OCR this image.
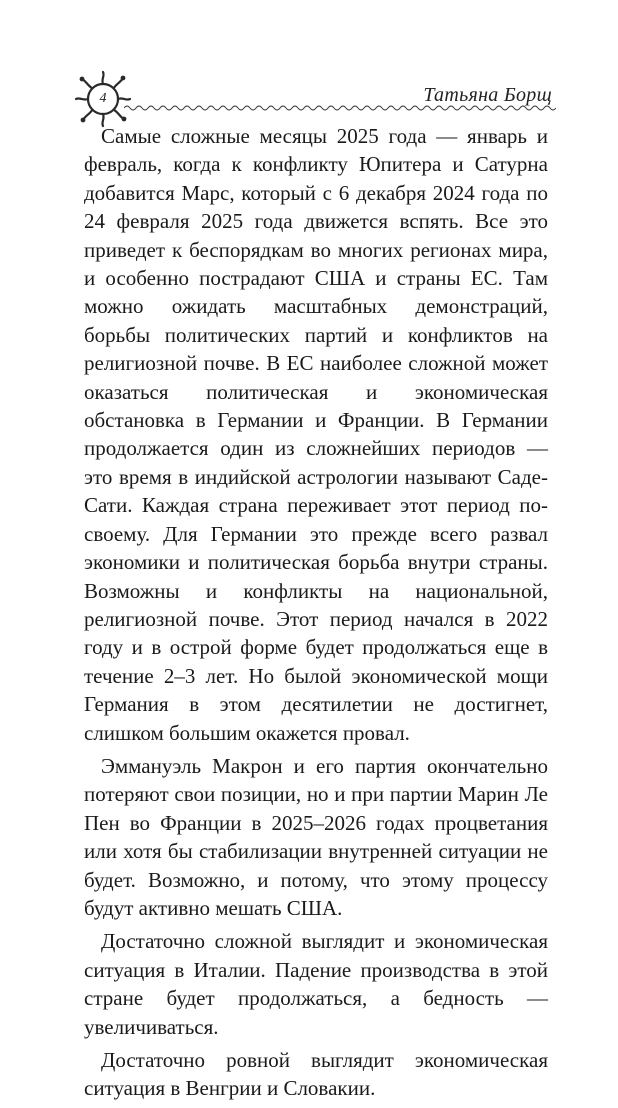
4	Татьяна Борщ

Самые сложные месяцы 2025 года — январь и февраль, когда к конфликту Юпитера и Сатурна добавится Марс, который с 6 декабря 2024 года по 24 февраля 2025 года движется вспять. Все это приведет к беспорядкам во многих регионах мира, и особенно пострадают США и страны ЕС. Там можно ожидать масштабных демонстраций, борьбы политических партий и конфликтов на религиозной почве. В ЕС наиболее сложной может оказаться политическая и экономическая обстановка в Германии и Франции. В Германии продолжается один из сложнейших периодов — это время в индийской астрологии называют Саде-Сати. Каждая страна переживает этот период по-своему. Для Германии это прежде всего развал экономики и политическая борьба внутри страны. Возможны и конфликты на национальной, религиозной почве. Этот период начался в 2022 году и в острой форме будет продолжаться еще в течение 2–3 лет. Но былой экономической мощи Германия в этом десятилетии не достигнет, слишком большим окажется провал.

Эммануэль Макрон и его партия окончательно потеряют свои позиции, но и при партии Марин Ле Пен во Франции в 2025–2026 годах процветания или хотя бы стабилизации внутренней ситуации не будет. Возможно, и потому, что этому процессу будут активно мешать США.

Достаточно сложной выглядит и экономическая ситуация в Италии. Падение производства в этой стране будет продолжаться, а бедность — увеличиваться.

Достаточно ровной выглядит экономическая ситуация в Венгрии и Словакии.
